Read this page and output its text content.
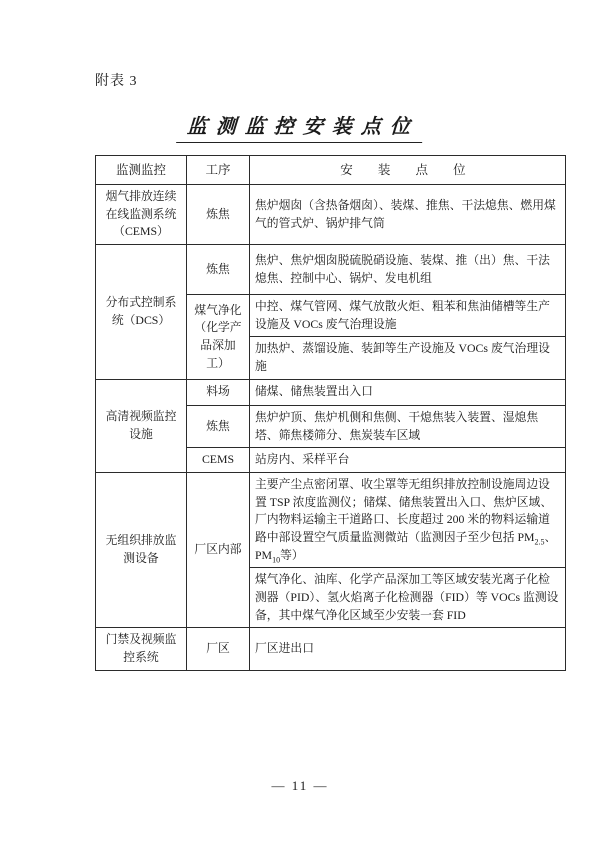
附表 3
监测监控安装点位
监测监控	工序	安 装 点 位
烟气排放连续在线监测系统（CEMS）	炼焦	焦炉烟囱（含热备烟囱）、装煤、推焦、干法熄焦、燃用煤气的管式炉、锅炉排气筒
分布式控制系统（DCS）	炼焦	焦炉、焦炉烟囱脱硫脱硝设施、装煤、推（出）焦、干法熄焦、控制中心、锅炉、发电机组
	煤气净化（化学产品深加工）	中控、煤气管网、煤气放散火炬、粗苯和焦油储槽等生产设施及 VOCs 废气治理设施
		加热炉、蒸馏设施、装卸等生产设施及 VOCs 废气治理设施
高清视频监控设施	料场	储煤、储焦装置出入口
	炼焦	焦炉炉顶、焦炉机侧和焦侧、干熄焦装入装置、湿熄焦塔、筛焦楼筛分、焦炭装车区域
	CEMS	站房内、采样平台
无组织排放监测设备	厂区内部	主要产尘点密闭罩、收尘罩等无组织排放控制设施周边设置 TSP 浓度监测仪；储煤、储焦装置出入口、焦炉区域、厂内物料运输主干道路口、长度超过 200 米的物料运输道路中部设置空气质量监测微站（监测因子至少包括 $PM_{2.5}$、$PM_{10}$等）
		煤气净化、油库、化学产品深加工等区域安装光离子化检测器（PID）、氢火焰离子化检测器（FID）等 VOCs 监测设备，其中煤气净化区域至少安装一套 FID
门禁及视频监控系统	厂区	厂区进出口
— 11 —
